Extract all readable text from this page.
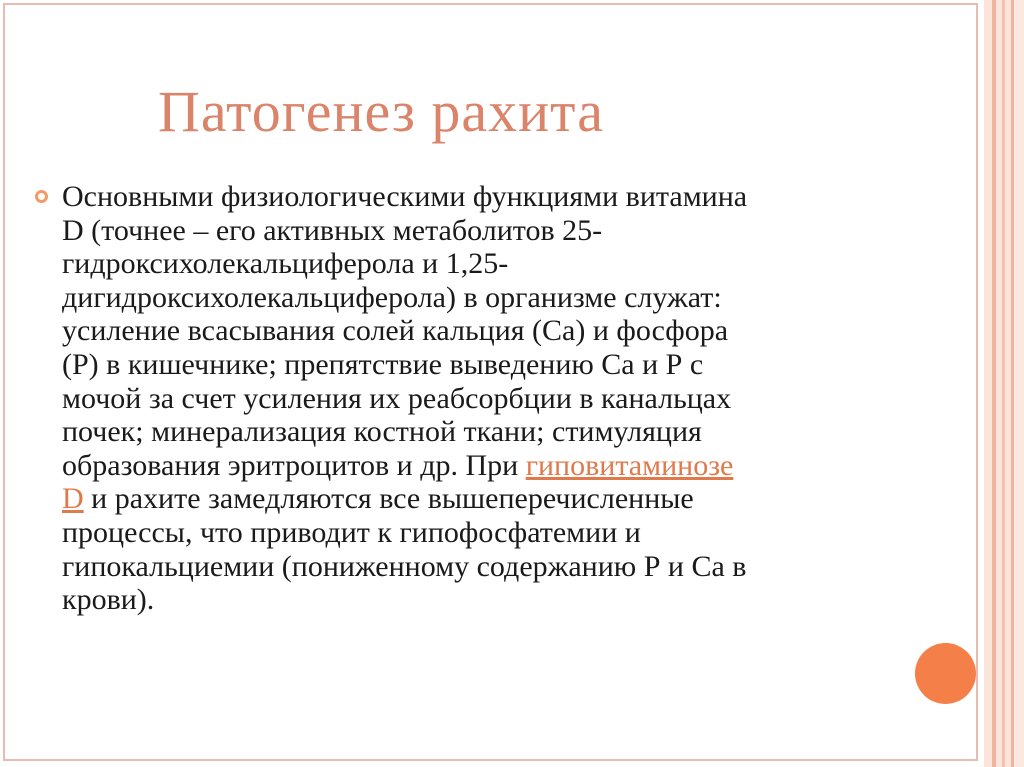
Патогенез рахита

Основными физиологическими функциями витамина
D (точнее – его активных метаболитов 25-
гидроксихолекальциферола и 1,25-
дигидроксихолекальциферола) в организме служат:
усиление всасывания солей кальция (Са) и фосфора
(Р) в кишечнике; препятствие выведению Са и Р с
мочой за счет усиления их реабсорбции в канальцах
почек; минерализация костной ткани; стимуляция
образования эритроцитов и др. При гиповитаминозе
D и рахите замедляются все вышеперечисленные
процессы, что приводит к гипофосфатемии и
гипокальциемии (пониженному содержанию Р и Са в
крови).
